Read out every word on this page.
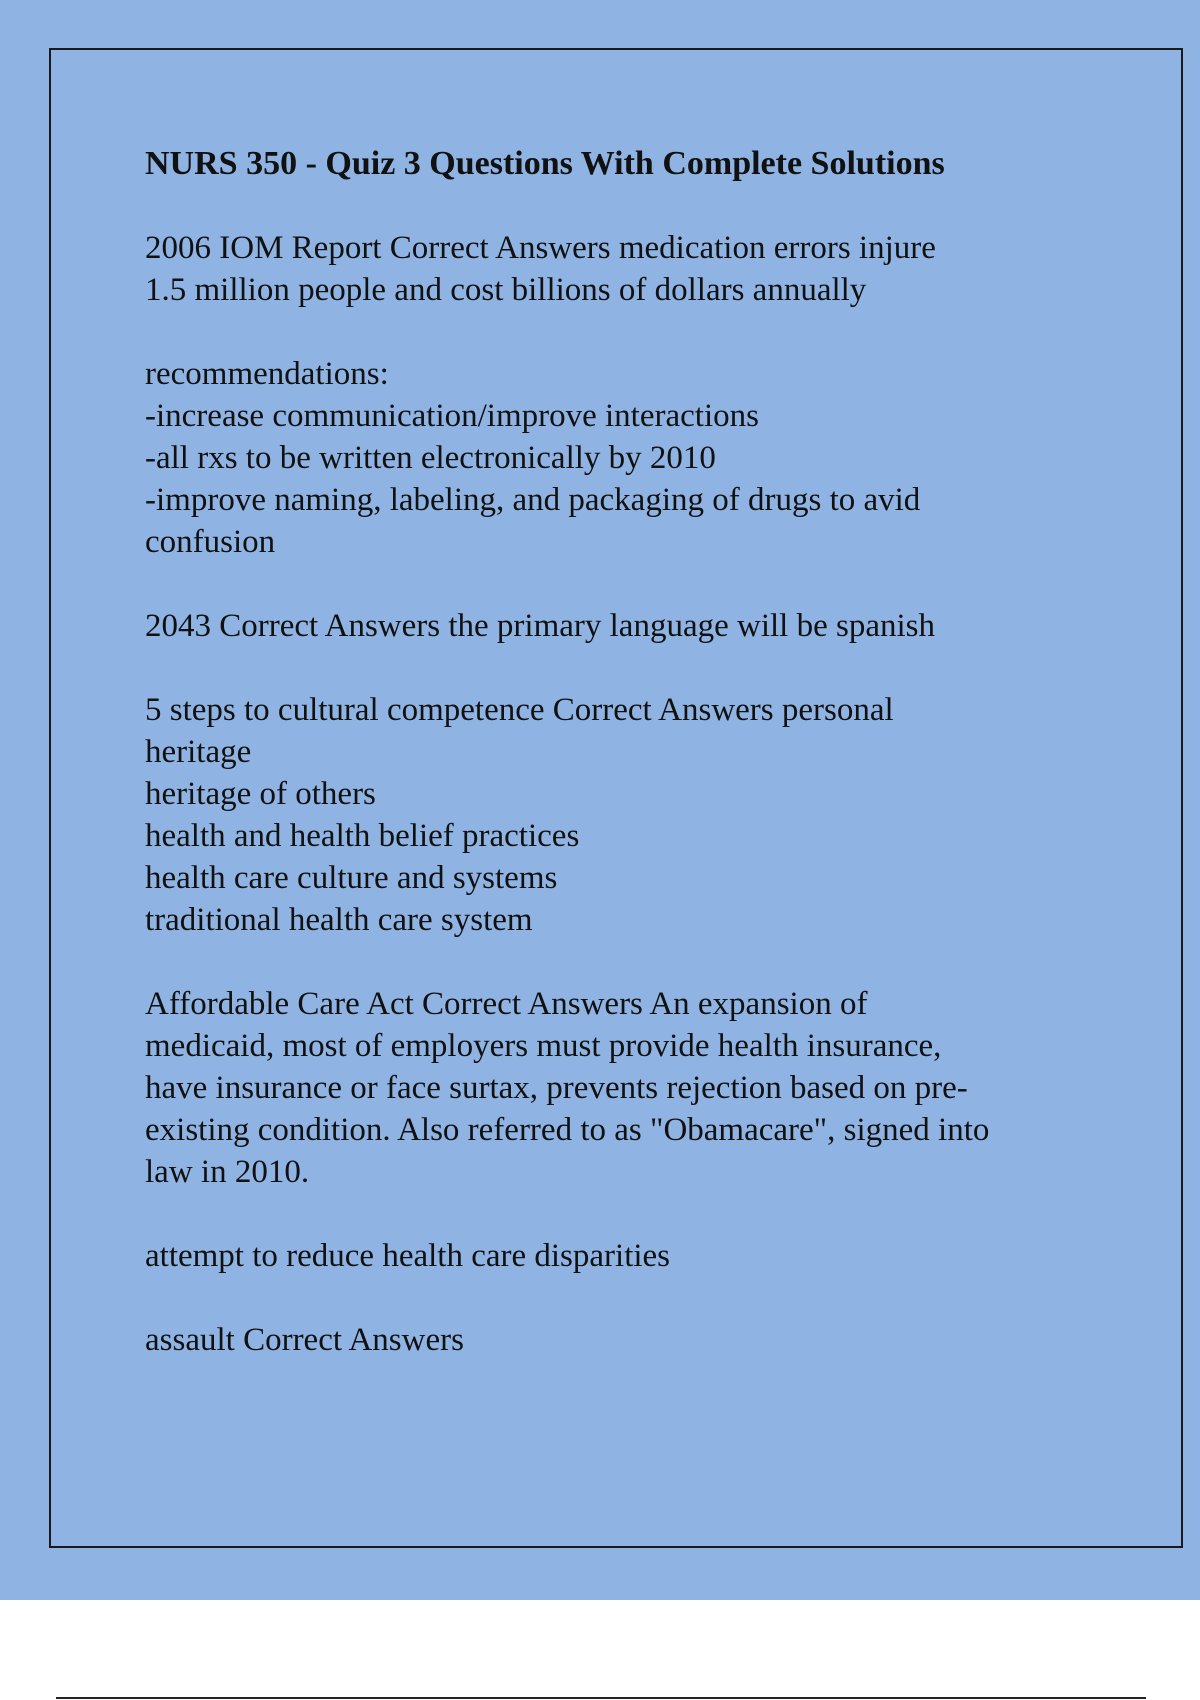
NURS 350 - Quiz 3 Questions With Complete Solutions

2006 IOM Report Correct Answers medication errors injure
1.5 million people and cost billions of dollars annually

recommendations:
-increase communication/improve interactions
-all rxs to be written electronically by 2010
-improve naming, labeling, and packaging of drugs to avid
confusion

2043 Correct Answers the primary language will be spanish

5 steps to cultural competence Correct Answers personal
heritage
heritage of others
health and health belief practices
health care culture and systems
traditional health care system

Affordable Care Act Correct Answers An expansion of
medicaid, most of employers must provide health insurance,
have insurance or face surtax, prevents rejection based on pre-
existing condition. Also referred to as "Obamacare", signed into
law in 2010.

attempt to reduce health care disparities

assault Correct Answers
